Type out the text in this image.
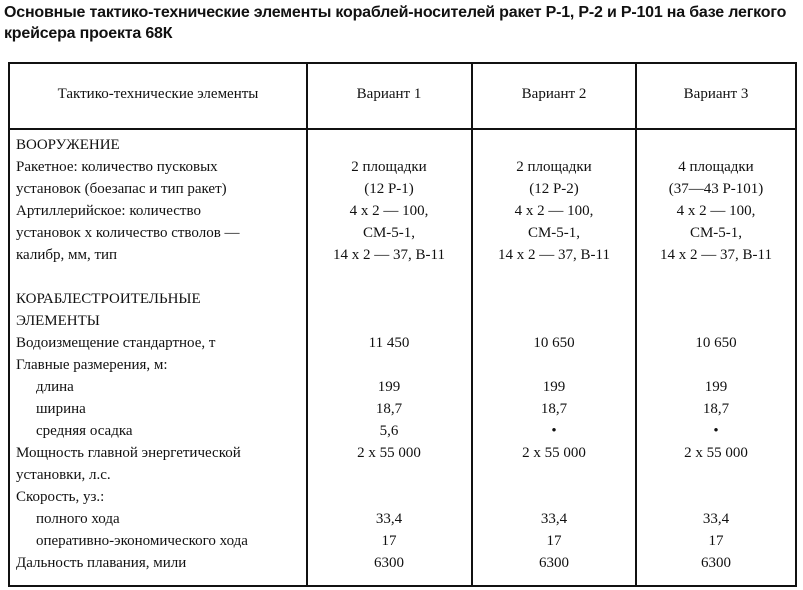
Основные тактико-технические элементы кораблей-носителей ракет Р-1, Р-2 и Р-101 на базе легкого крейсера проекта 68К
Тактико-технические элементы	Вариант 1	Вариант 2	Вариант 3
ВООРУЖЕНИЕ
Ракетное: количество пусковых	2 площадки	2 площадки	4 площадки
установок (боезапас и тип ракет)	(12 Р-1)	(12 Р-2)	(37—43 Р-101)
Артиллерийское: количество	4 х 2 — 100,	4 х 2 — 100,	4 х 2 — 100,
установок х количество стволов —	СМ-5-1,	СМ-5-1,	СМ-5-1,
калибр, мм, тип	14 х 2 — 37, В-11	14 х 2 — 37, В-11	14 х 2 — 37, В-11
КОРАБЛЕСТРОИТЕЛЬНЫЕ
ЭЛЕМЕНТЫ
Водоизмещение стандартное, т	11 450	10 650	10 650
Главные размерения, м:
длина	199	199	199
ширина	18,7	18,7	18,7
средняя осадка	5,6	•	•
Мощность главной энергетической	2 х 55 000	2 х 55 000	2 х 55 000
установки, л.с.
Скорость, уз.:
полного хода	33,4	33,4	33,4
оперативно-экономического хода	17	17	17
Дальность плавания, мили	6300	6300	6300
